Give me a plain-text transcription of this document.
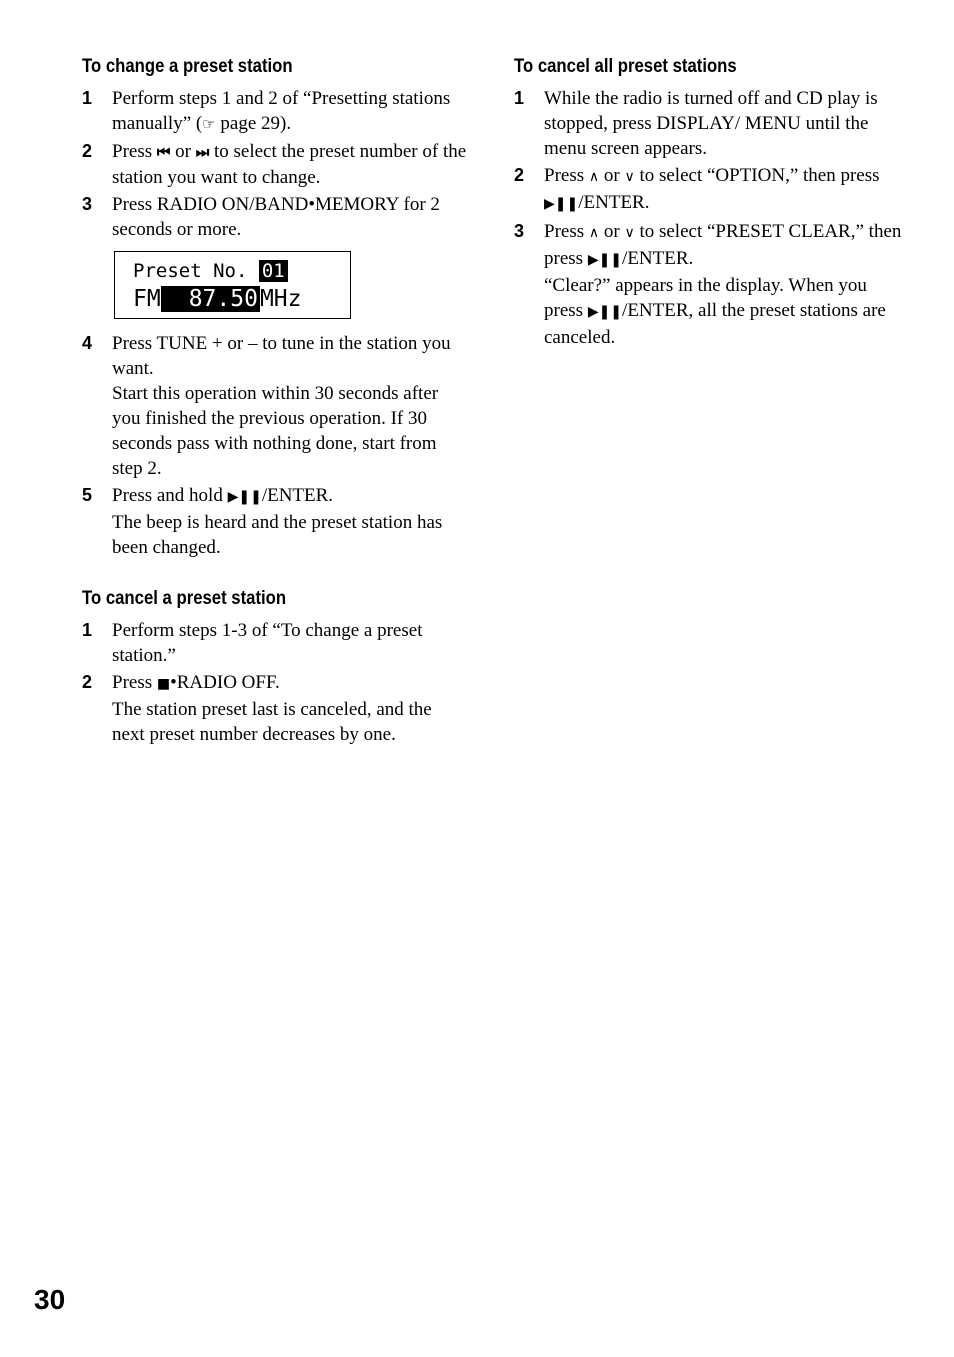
To change a preset station
1 Perform steps 1 and 2 of “Presetting stations manually” (☞ page 29).

2 Press ⏮ or ⏭ to select the preset number of the station you want to change.

3 Press RADIO ON/BAND•MEMORY for 2 seconds or more.

Preset No. 01
FM 87.50MHz
4 Press TUNE + or – to tune in the station you want.

Start this operation within 30 seconds after you finished the previous operation. If 30 seconds pass with nothing done, start from step 2.

5 Press and hold ▶❚❚/ENTER.

The beep is heard and the preset station has been changed.

To cancel a preset station
1 Perform steps 1-3 of “To change a preset station.”

2 Press ■•RADIO OFF.

The station preset last is canceled, and the next preset number decreases by one.

To cancel all preset stations
1 While the radio is turned off and CD play is stopped, press DISPLAY/ MENU until the menu screen appears.

2 Press ∧ or ∨ to select “OPTION,” then press ▶❚❚/ENTER.

3 Press ∧ or ∨ to select “PRESET CLEAR,” then press ▶❚❚/ENTER.

“Clear?” appears in the display. When you press ▶❚❚/ENTER, all the preset stations are canceled.

30
